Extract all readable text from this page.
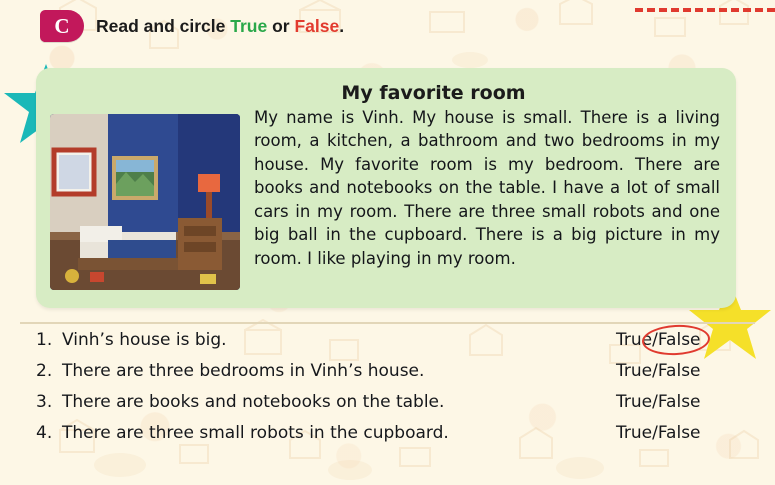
C	Read and circle True or False.
My favorite room
My name is Vinh. My house is small. There is a living room, a kitchen, a bathroom and two bedrooms in my house. My favorite room is my bedroom. There are books and notebooks on the table. I have a lot of small cars in my room. There are three small robots and one big ball in the cupboard. There is a big picture in my room. I like playing in my room.
1. Vinh’s house is big.	True/False
2. There are three bedrooms in Vinh’s house.	True/False
3. There are books and notebooks on the table.	True/False
4. There are three small robots in the cupboard.	True/False
